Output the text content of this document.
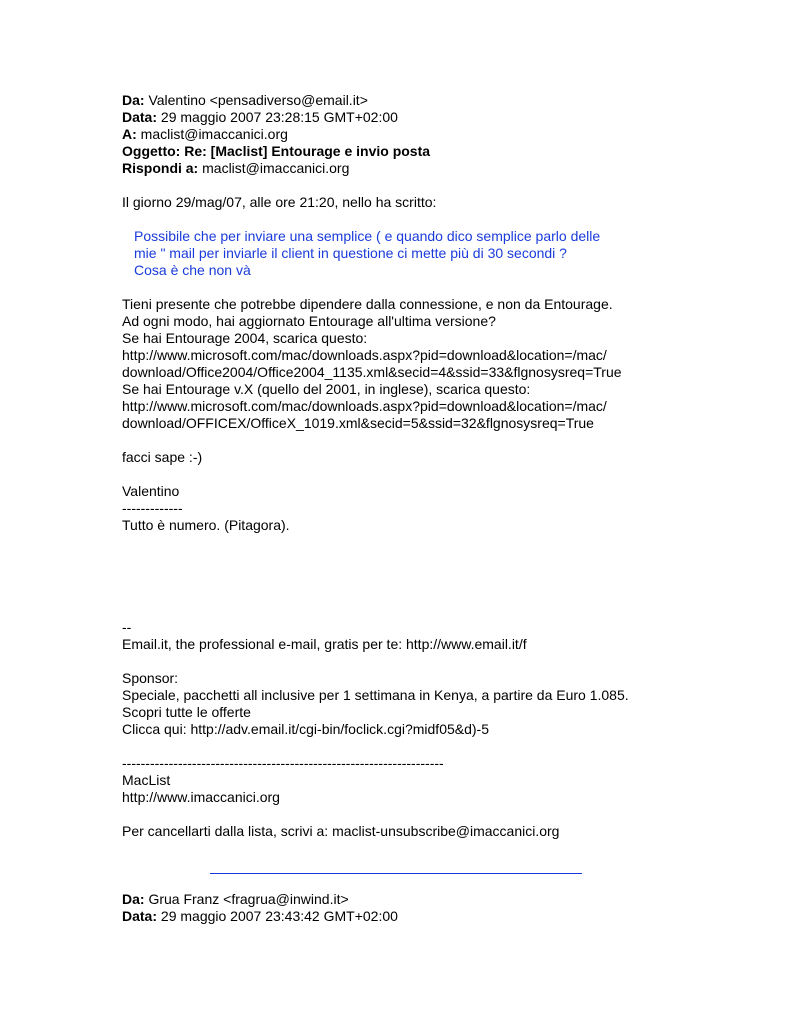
Da: Valentino <pensadiverso@email.it>
Data: 29 maggio 2007 23:28:15 GMT+02:00
A: maclist@imaccanici.org
Oggetto: Re: [Maclist] Entourage e invio posta
Rispondi a: maclist@imaccanici.org
Il giorno 29/mag/07, alle ore 21:20, nello ha scritto:
Possibile che per inviare una semplice ( e quando dico semplice parlo delle
mie " mail per inviarle il client in questione ci mette più di 30 secondi ?
Cosa è che non và
Tieni presente che potrebbe dipendere dalla connessione, e non da Entourage.
Ad ogni modo, hai aggiornato Entourage all'ultima versione?
Se hai Entourage 2004, scarica questo:
http://www.microsoft.com/mac/downloads.aspx?pid=download&location=/mac/
download/Office2004/Office2004_1135.xml&secid=4&ssid=33&flgnosysreq=True
Se hai Entourage v.X (quello del 2001, in inglese), scarica questo:
http://www.microsoft.com/mac/downloads.aspx?pid=download&location=/mac/
download/OFFICEX/OfficeX_1019.xml&secid=5&ssid=32&flgnosysreq=True
facci sape :-)
Valentino
-------------
Tutto è numero. (Pitagora).
--
Email.it, the professional e-mail, gratis per te: http://www.email.it/f
Sponsor:
Speciale, pacchetti all inclusive per 1 settimana in Kenya, a partire da Euro 1.085.
Scopri tutte le offerte
Clicca qui: http://adv.email.it/cgi-bin/foclick.cgi?midf05&d)-5
---------------------------------------------------------------------
MacList
http://www.imaccanici.org
Per cancellarti dalla lista, scrivi a: maclist-unsubscribe@imaccanici.org
Da: Grua Franz <fragrua@inwind.it>
Data: 29 maggio 2007 23:43:42 GMT+02:00
